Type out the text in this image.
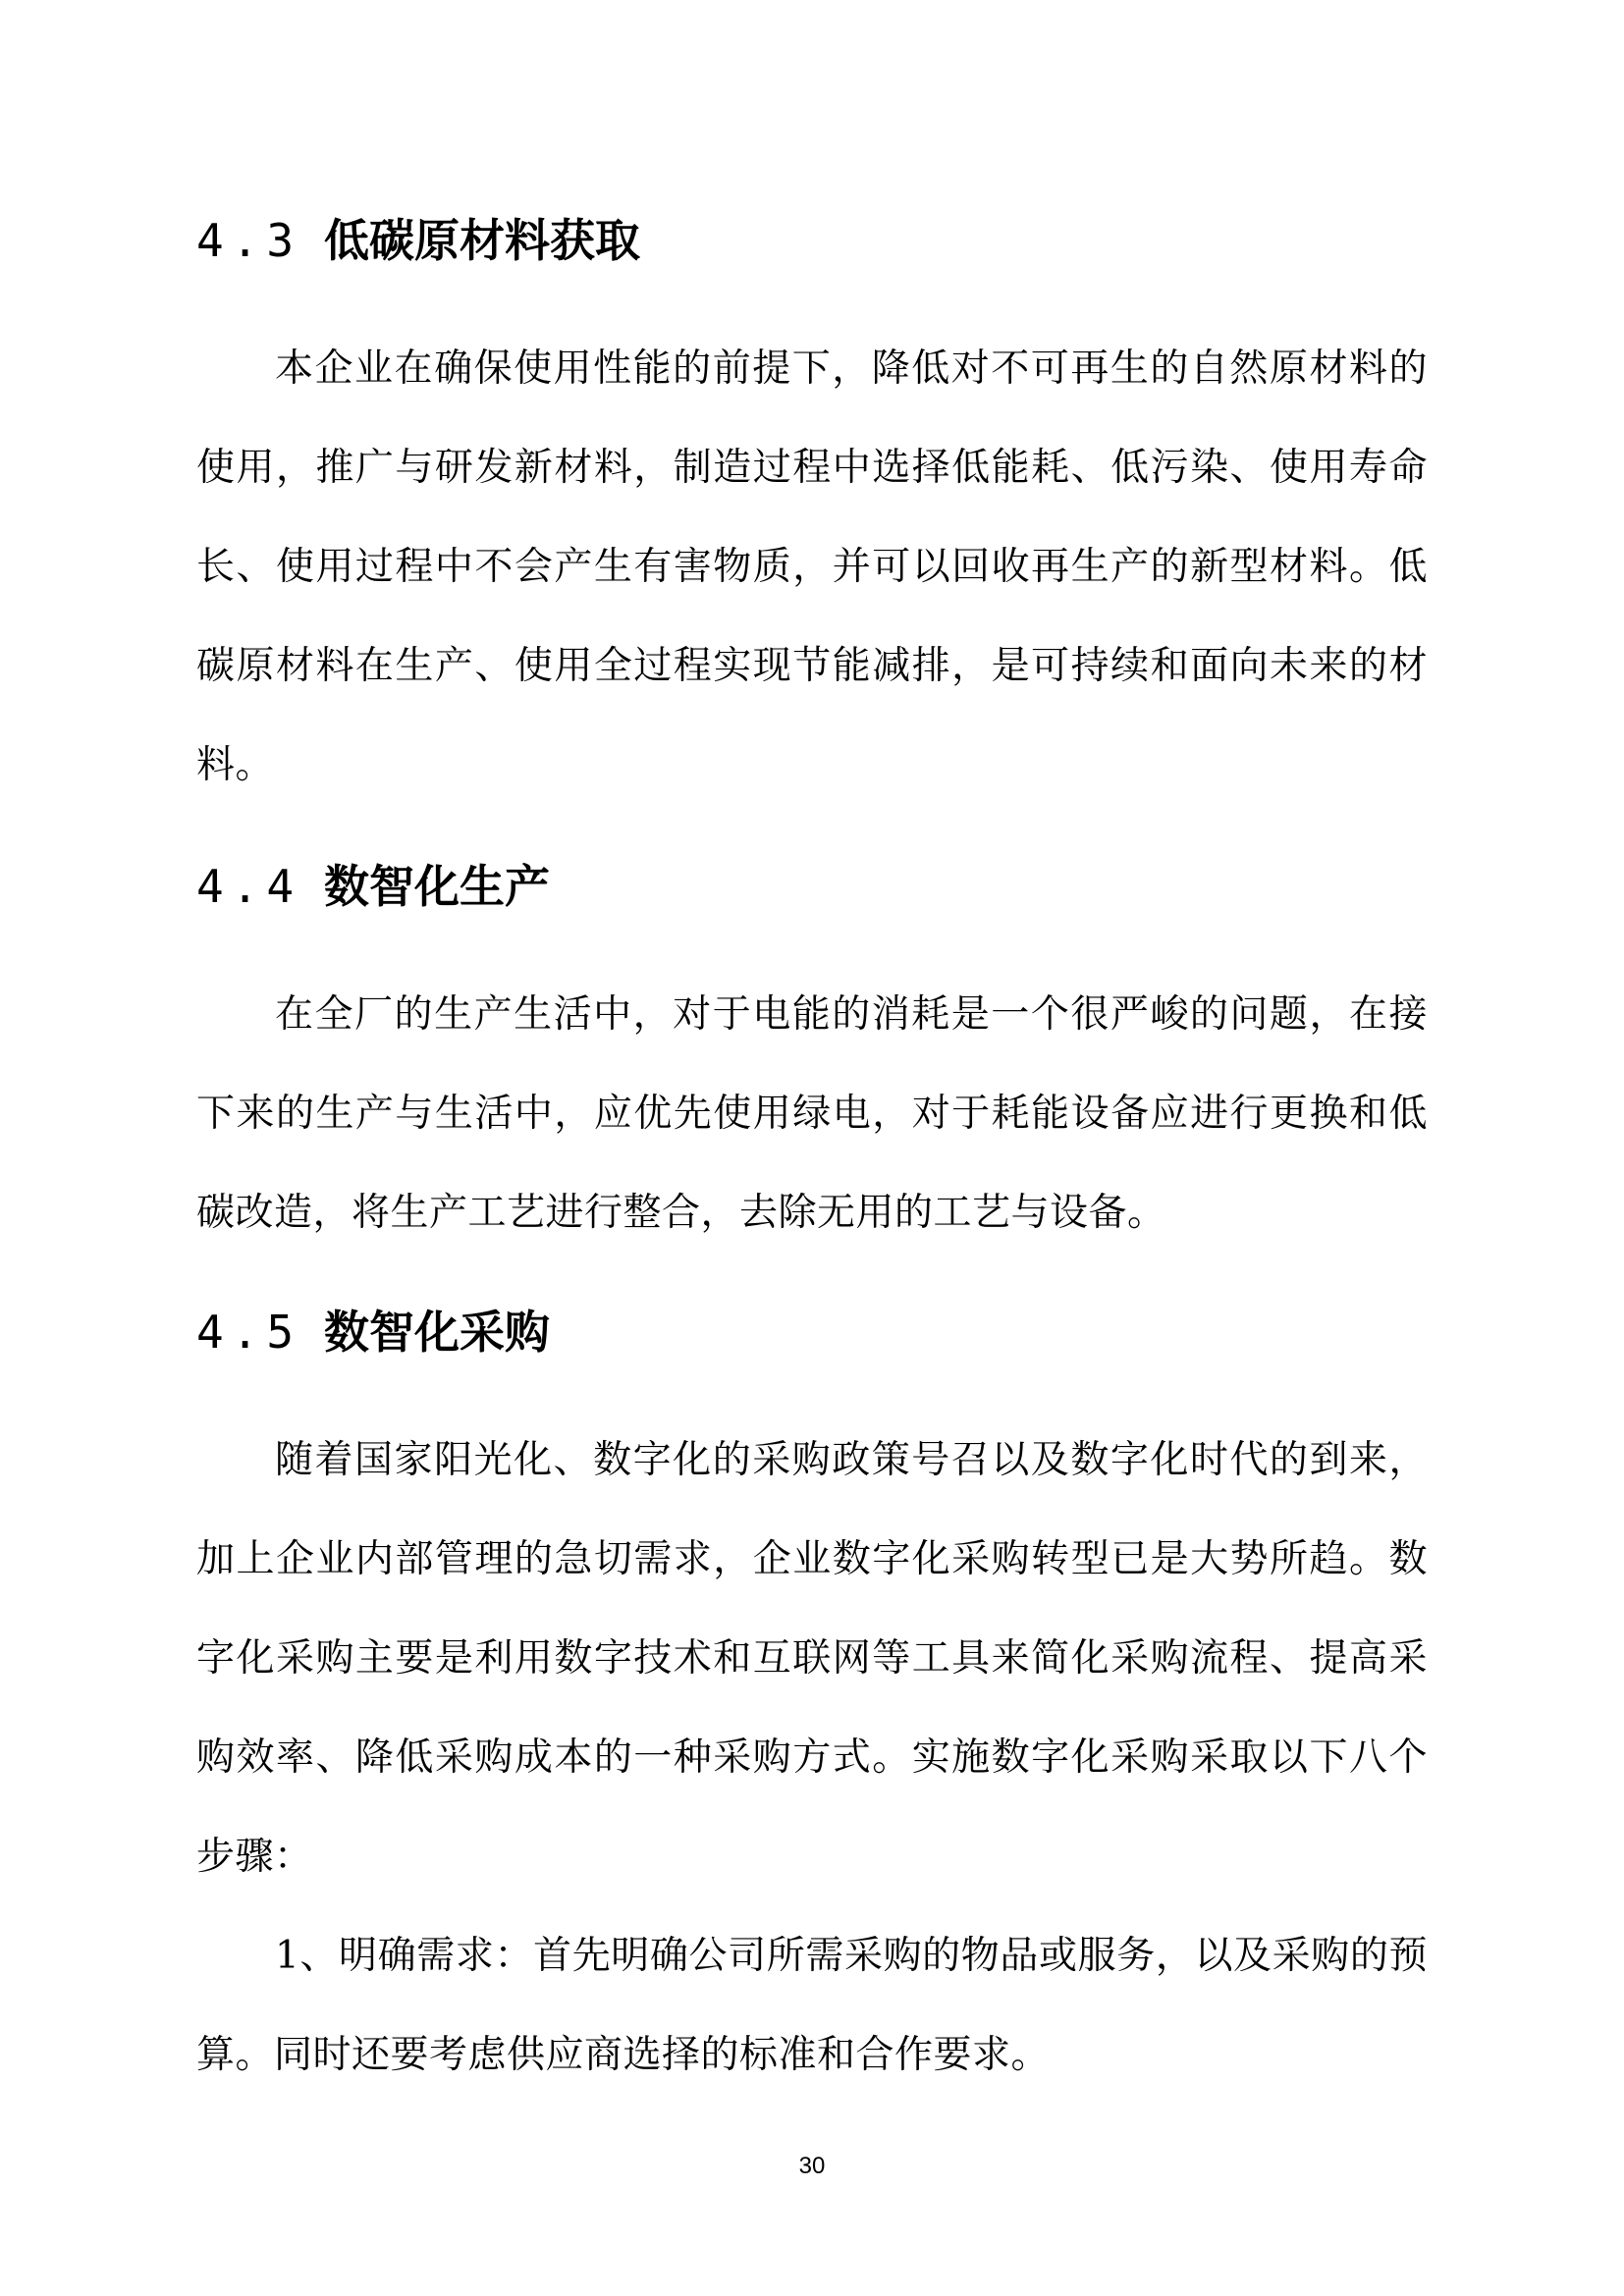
4.3 低碳原材料获取
本企业在确保使用性能的前提下，降低对不可再生的自然原材料的使用，推广与研发新材料，制造过程中选择低能耗、低污染、使用寿命长、使用过程中不会产生有害物质，并可以回收再生产的新型材料。低碳原材料在生产、使用全过程实现节能减排，是可持续和面向未来的材料。
4.4 数智化生产
在全厂的生产生活中，对于电能的消耗是一个很严峻的问题，在接下来的生产与生活中，应优先使用绿电，对于耗能设备应进行更换和低碳改造，将生产工艺进行整合，去除无用的工艺与设备。
4.5 数智化采购
随着国家阳光化、数字化的采购政策号召以及数字化时代的到来，加上企业内部管理的急切需求，企业数字化采购转型已是大势所趋。数字化采购主要是利用数字技术和互联网等工具来简化采购流程、提高采购效率、降低采购成本的一种采购方式。实施数字化采购采取以下八个步骤：
1、明确需求：首先明确公司所需采购的物品或服务，以及采购的预算。同时还要考虑供应商选择的标准和合作要求。
30
